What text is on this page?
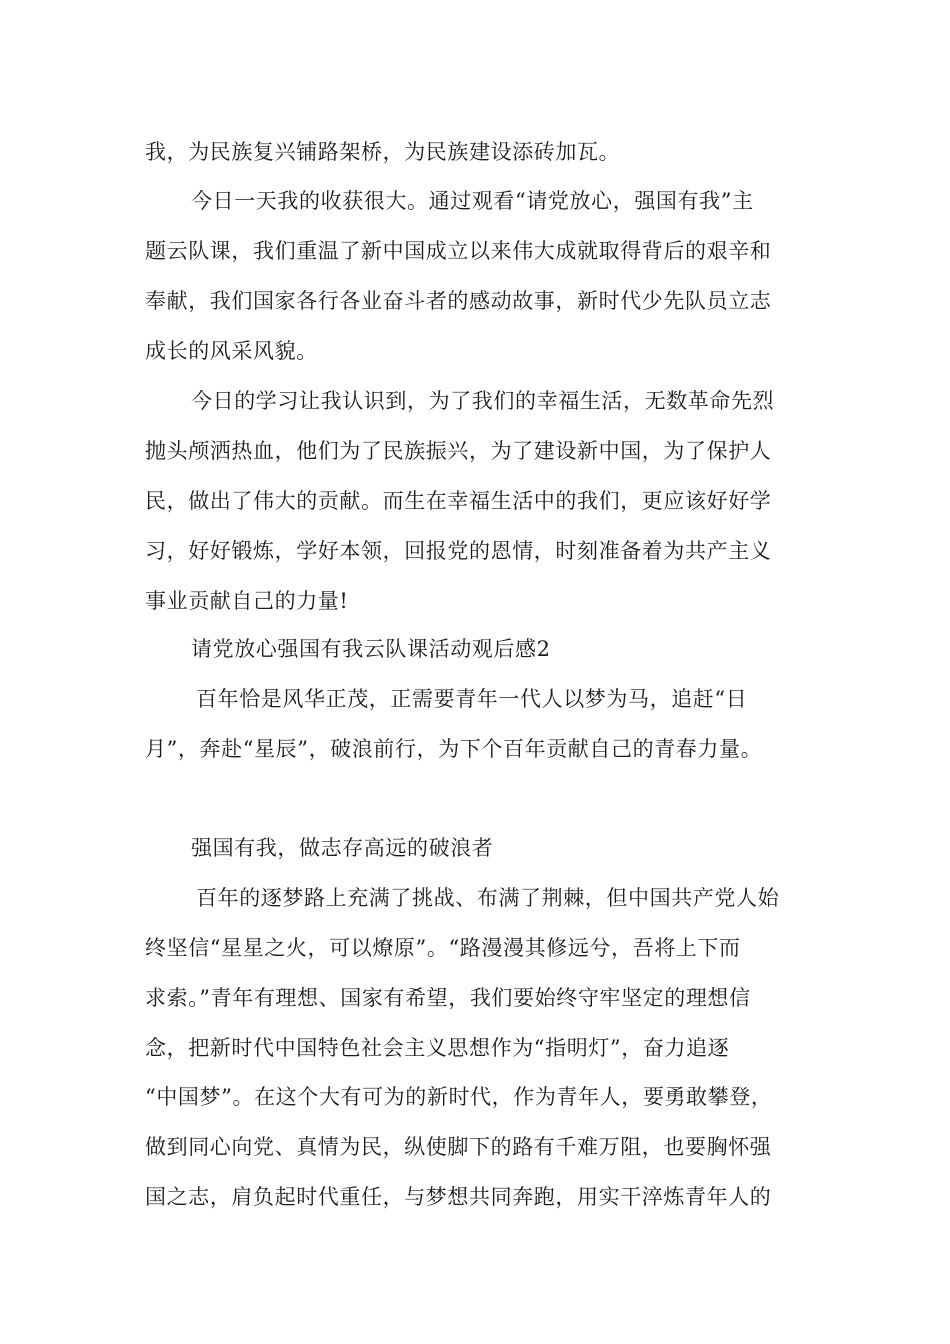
我，为民族复兴铺路架桥，为民族建设添砖加瓦。
今日一天我的收获很大。通过观看“请党放心，强国有我”主
题云队课，我们重温了新中国成立以来伟大成就取得背后的艰辛和
奉献，我们国家各行各业奋斗者的感动故事，新时代少先队员立志
成长的风采风貌。
今日的学习让我认识到，为了我们的幸福生活，无数革命先烈
抛头颅洒热血，他们为了民族振兴，为了建设新中国，为了保护人
民，做出了伟大的贡献。而生在幸福生活中的我们，更应该好好学
习，好好锻炼，学好本领，回报党的恩情，时刻准备着为共产主义
事业贡献自己的力量!
请党放心强国有我云队课活动观后感2
百年恰是风华正茂，正需要青年一代人以梦为马，追赶“日
月”，奔赴“星辰”，破浪前行，为下个百年贡献自己的青春力量。
强国有我，做志存高远的破浪者
百年的逐梦路上充满了挑战、布满了荆棘，但中国共产党人始
终坚信“星星之火，可以燎原”。“路漫漫其修远兮，吾将上下而
求索。”青年有理想、国家有希望，我们要始终守牢坚定的理想信
念，把新时代中国特色社会主义思想作为“指明灯”，奋力追逐
“中国梦”。在这个大有可为的新时代，作为青年人，要勇敢攀登，
做到同心向党、真情为民，纵使脚下的路有千难万阻，也要胸怀强
国之志，肩负起时代重任，与梦想共同奔跑，用实干淬炼青年人的
